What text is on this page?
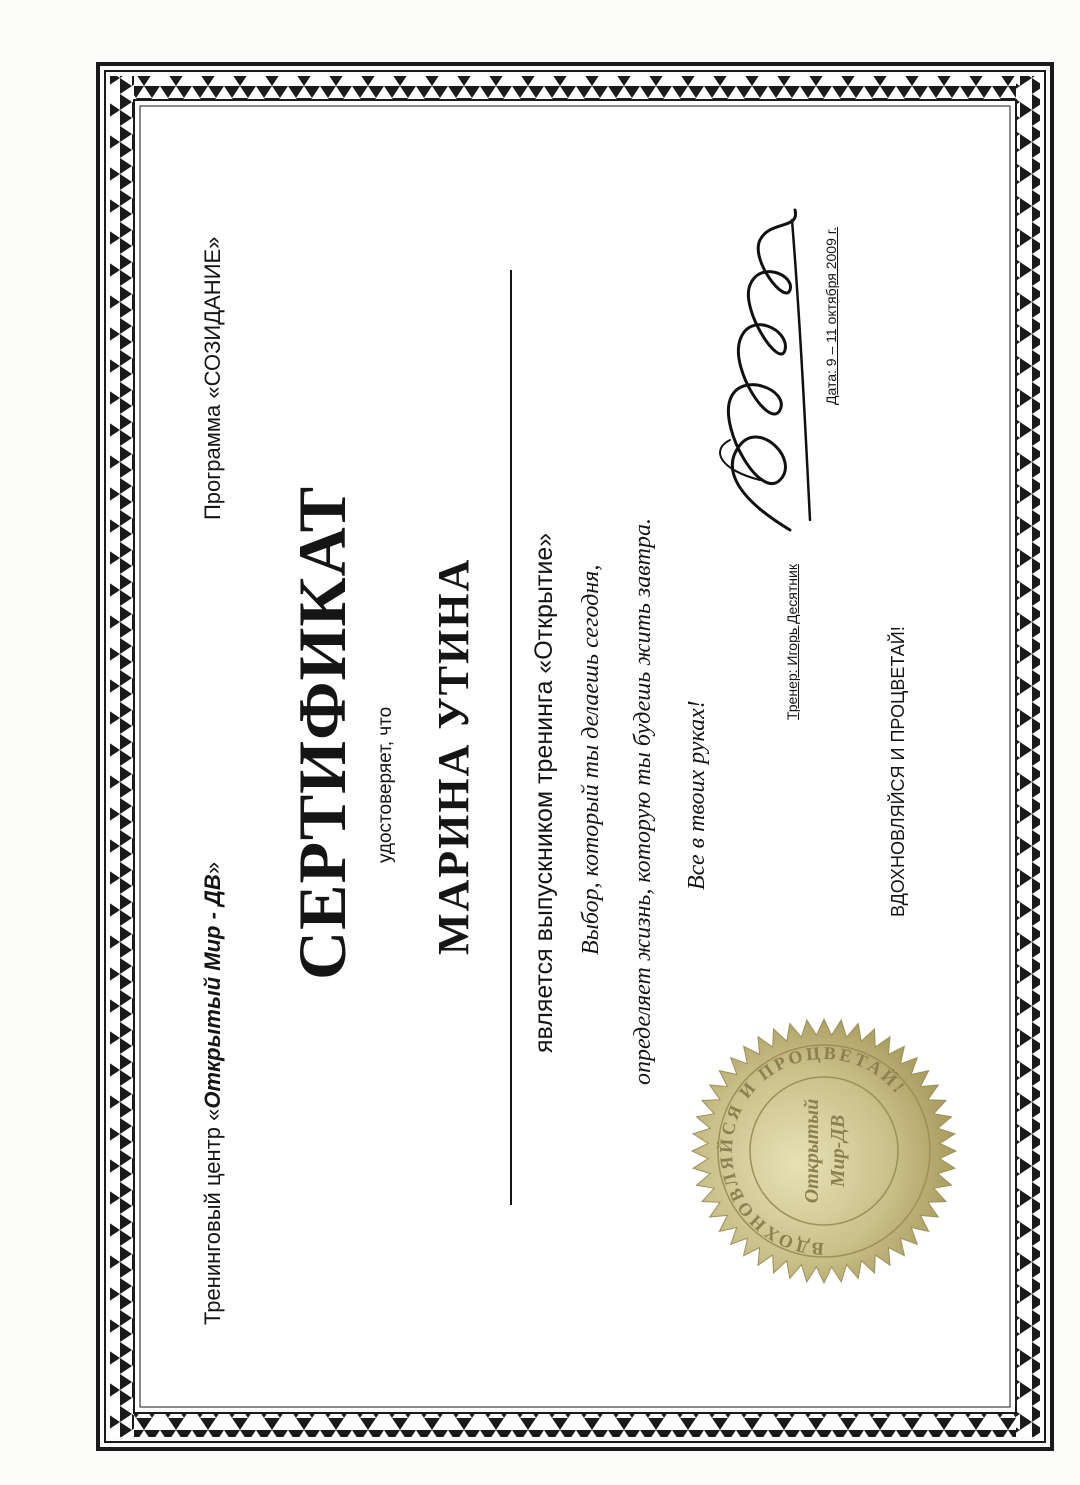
Тренинговый центр «Открытый Мир - ДВ»
Программа «СОЗИДАНИЕ»
СЕРТИФИКАТ удостоверяет, что МАРИНА УТИНА является выпускником тренинга «Открытие» Выбор, который ты делаешь сегодня, определяет жизнь, которую ты будешь жить завтра. Все в твоих руках!
Тренер: Игорь Десятник
Дата: 9 – 11 октября 2009 г.
ВДОХНОВЛЯЙСЯ И ПРОЦВЕТАЙ!
ВДОХНОВЛЯЙСЯ И ПРОЦВЕТАЙ!
Открытый Мир-ДВ
